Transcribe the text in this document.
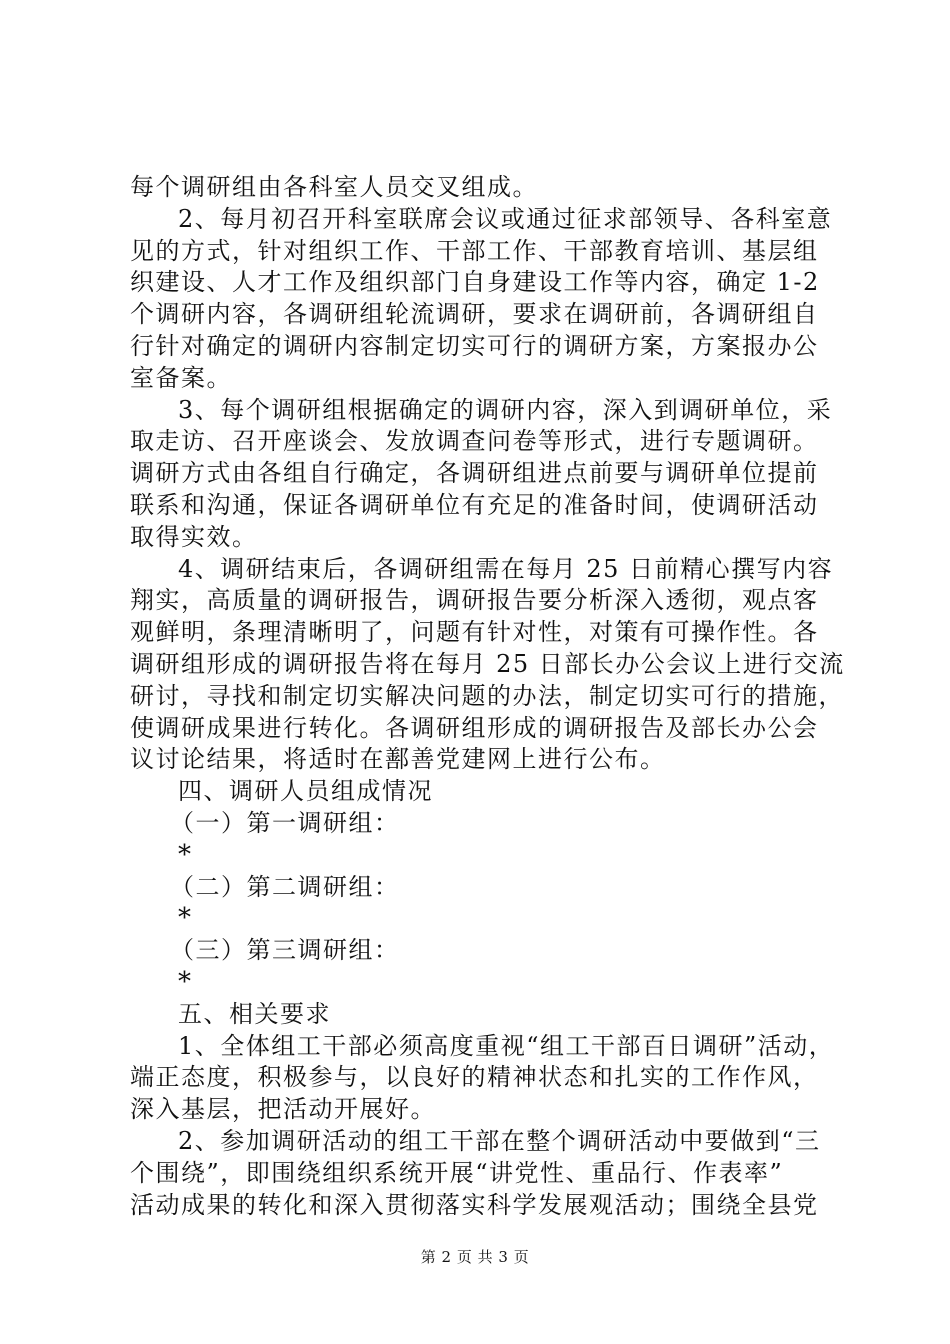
每个调研组由各科室人员交叉组成。
2、每月初召开科室联席会议或通过征求部领导、各科室意
见的方式，针对组织工作、干部工作、干部教育培训、基层组
织建设、人才工作及组织部门自身建设工作等内容，确定 1-2
个调研内容，各调研组轮流调研，要求在调研前，各调研组自
行针对确定的调研内容制定切实可行的调研方案，方案报办公
室备案。
3、每个调研组根据确定的调研内容，深入到调研单位，采
取走访、召开座谈会、发放调查问卷等形式，进行专题调研。
调研方式由各组自行确定，各调研组进点前要与调研单位提前
联系和沟通，保证各调研单位有充足的准备时间，使调研活动
取得实效。
4、调研结束后，各调研组需在每月 25 日前精心撰写内容
翔实，高质量的调研报告，调研报告要分析深入透彻，观点客
观鲜明，条理清晰明了，问题有针对性，对策有可操作性。各
调研组形成的调研报告将在每月 25 日部长办公会议上进行交流
研讨，寻找和制定切实解决问题的办法，制定切实可行的措施，
使调研成果进行转化。各调研组形成的调研报告及部长办公会
议讨论结果，将适时在鄯善党建网上进行公布。
四、调研人员组成情况
（一）第一调研组：
*
（二）第二调研组：
*
（三）第三调研组：
*
五、相关要求
1、全体组工干部必须高度重视“组工干部百日调研”活动，
端正态度，积极参与，以良好的精神状态和扎实的工作作风，
深入基层，把活动开展好。
2、参加调研活动的组工干部在整个调研活动中要做到“三
个围绕”，即围绕组织系统开展“讲党性、重品行、作表率”
活动成果的转化和深入贯彻落实科学发展观活动；围绕全县党
第 2 页 共 3 页
